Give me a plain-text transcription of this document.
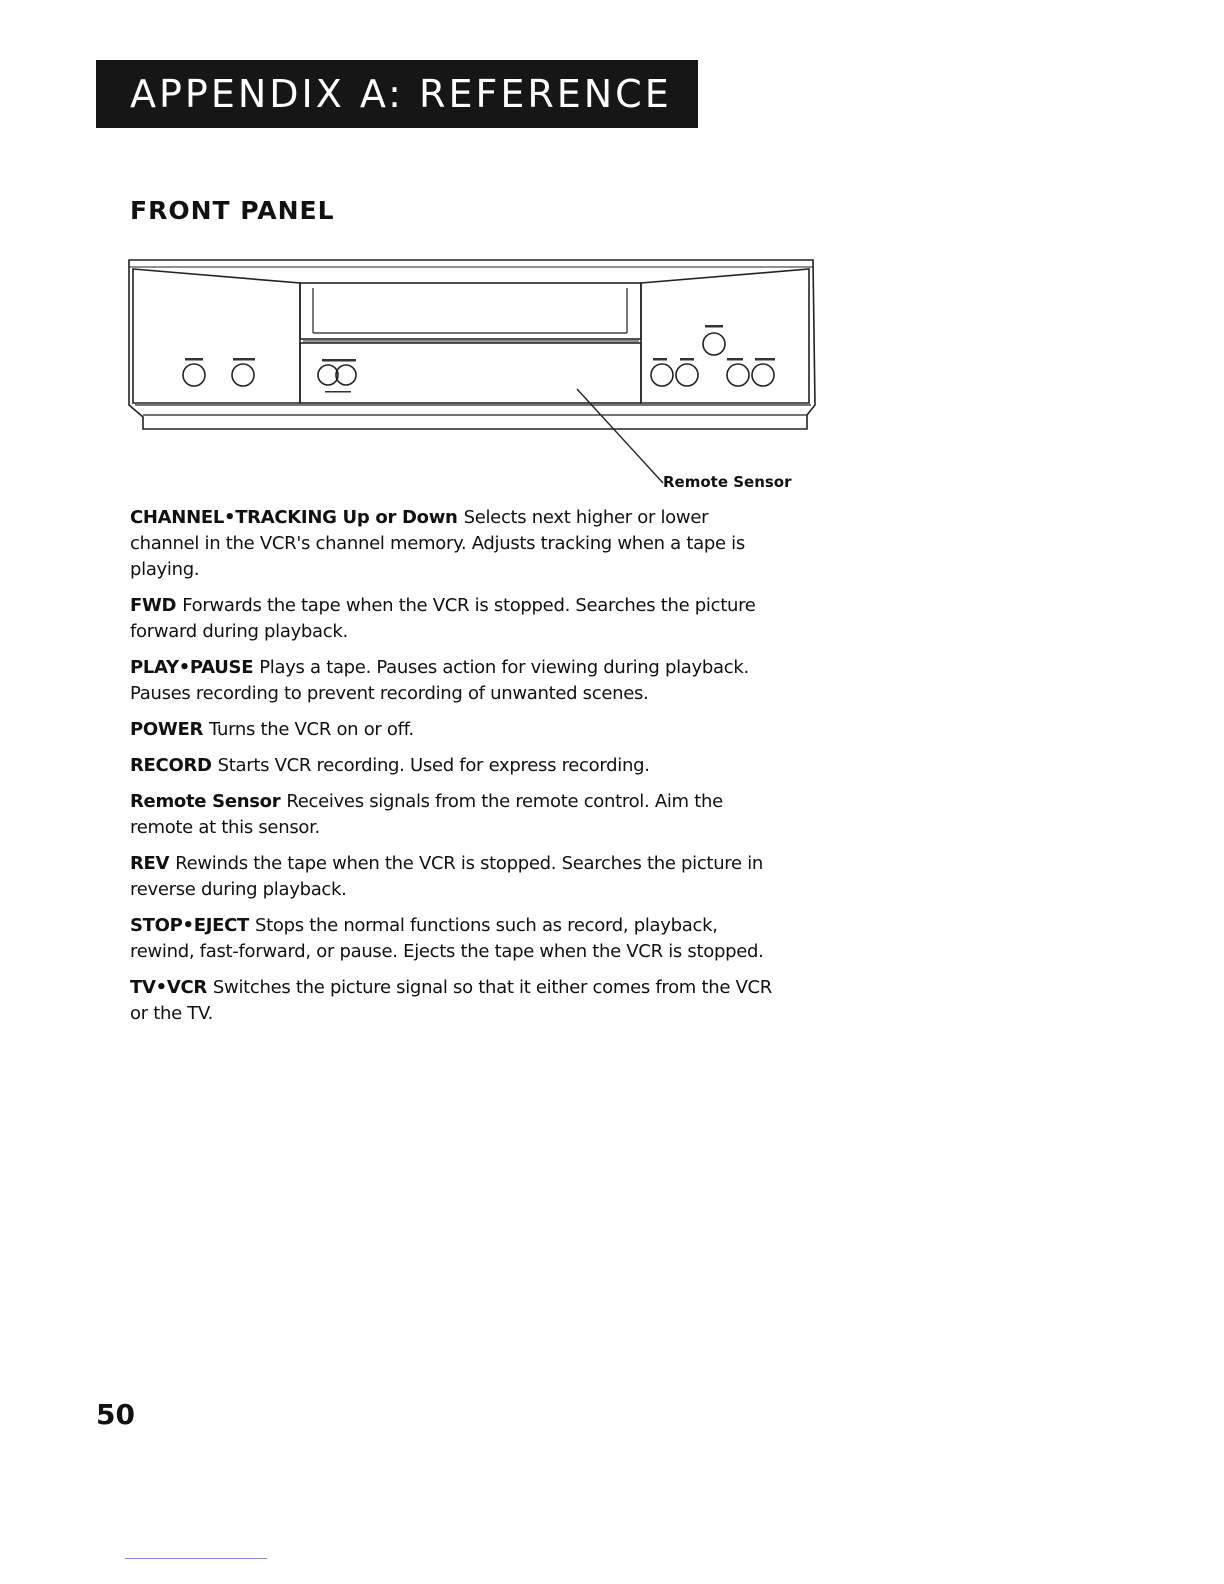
APPENDIX A: REFERENCE
FRONT PANEL
Remote Sensor

CHANNEL•TRACKING Up or Down Selects next higher or lower channel in the VCR's channel memory. Adjusts tracking when a tape is playing.

FWD Forwards the tape when the VCR is stopped. Searches the picture forward during playback.

PLAY•PAUSE Plays a tape. Pauses action for viewing during playback. Pauses recording to prevent recording of unwanted scenes.

POWER Turns the VCR on or off.

RECORD Starts VCR recording. Used for express recording.

Remote Sensor Receives signals from the remote control. Aim the remote at this sensor.

REV Rewinds the tape when the VCR is stopped. Searches the picture in reverse during playback.

STOP•EJECT Stops the normal functions such as record, playback, rewind, fast-forward, or pause. Ejects the tape when the VCR is stopped.

TV•VCR Switches the picture signal so that it either comes from the VCR or the TV.

50
